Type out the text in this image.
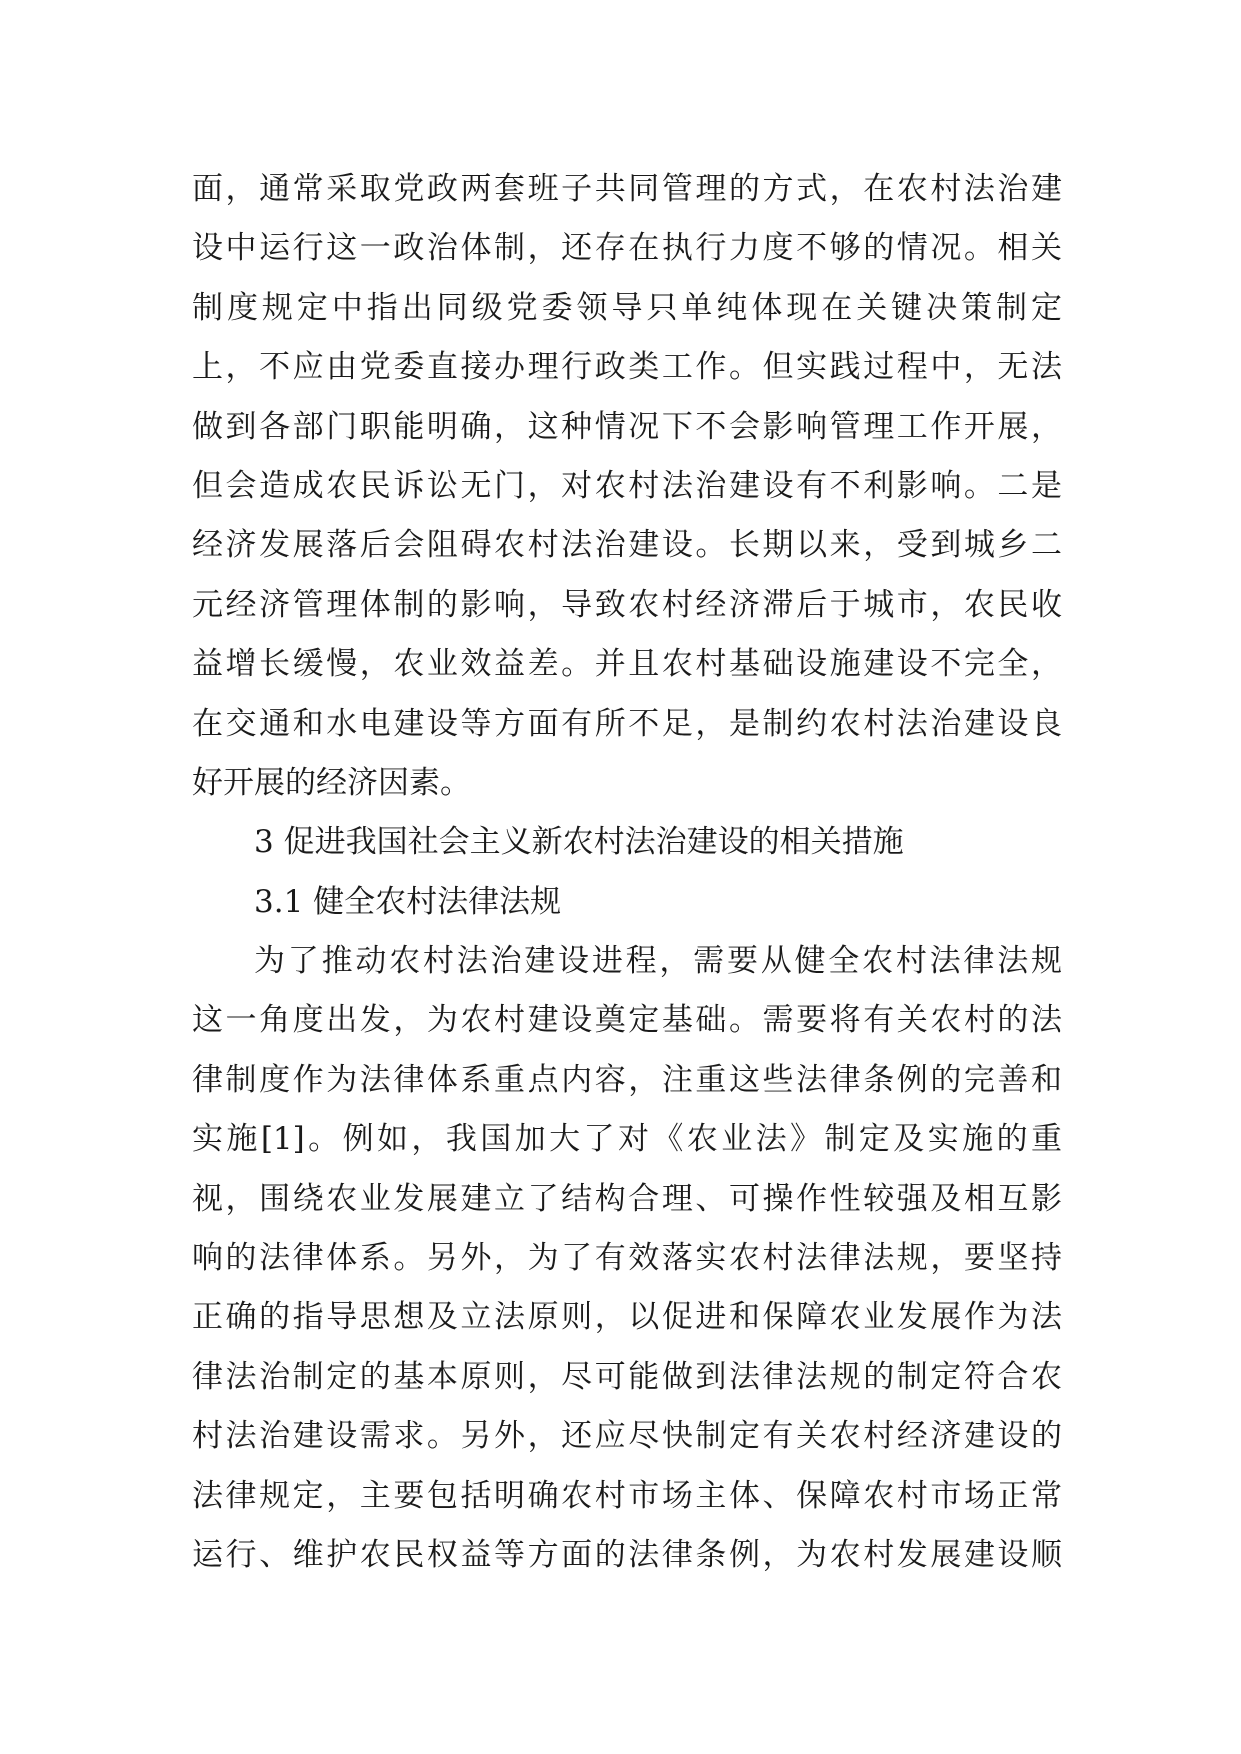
面，通常采取党政两套班子共同管理的方式，在农村法治建
设中运行这一政治体制，还存在执行力度不够的情况。相关
制度规定中指出同级党委领导只单纯体现在关键决策制定
上，不应由党委直接办理行政类工作。但实践过程中，无法
做到各部门职能明确，这种情况下不会影响管理工作开展，
但会造成农民诉讼无门，对农村法治建设有不利影响。二是
经济发展落后会阻碍农村法治建设。长期以来，受到城乡二
元经济管理体制的影响，导致农村经济滞后于城市，农民收
益增长缓慢，农业效益差。并且农村基础设施建设不完全，
在交通和水电建设等方面有所不足，是制约农村法治建设良
好开展的经济因素。
3 促进我国社会主义新农村法治建设的相关措施
3.1 健全农村法律法规
为了推动农村法治建设进程，需要从健全农村法律法规
这一角度出发，为农村建设奠定基础。需要将有关农村的法
律制度作为法律体系重点内容，注重这些法律条例的完善和
实施[1]。例如，我国加大了对《农业法》制定及实施的重
视，围绕农业发展建立了结构合理、可操作性较强及相互影
响的法律体系。另外，为了有效落实农村法律法规，要坚持
正确的指导思想及立法原则，以促进和保障农业发展作为法
律法治制定的基本原则，尽可能做到法律法规的制定符合农
村法治建设需求。另外，还应尽快制定有关农村经济建设的
法律规定，主要包括明确农村市场主体、保障农村市场正常
运行、维护农民权益等方面的法律条例，为农村发展建设顺
